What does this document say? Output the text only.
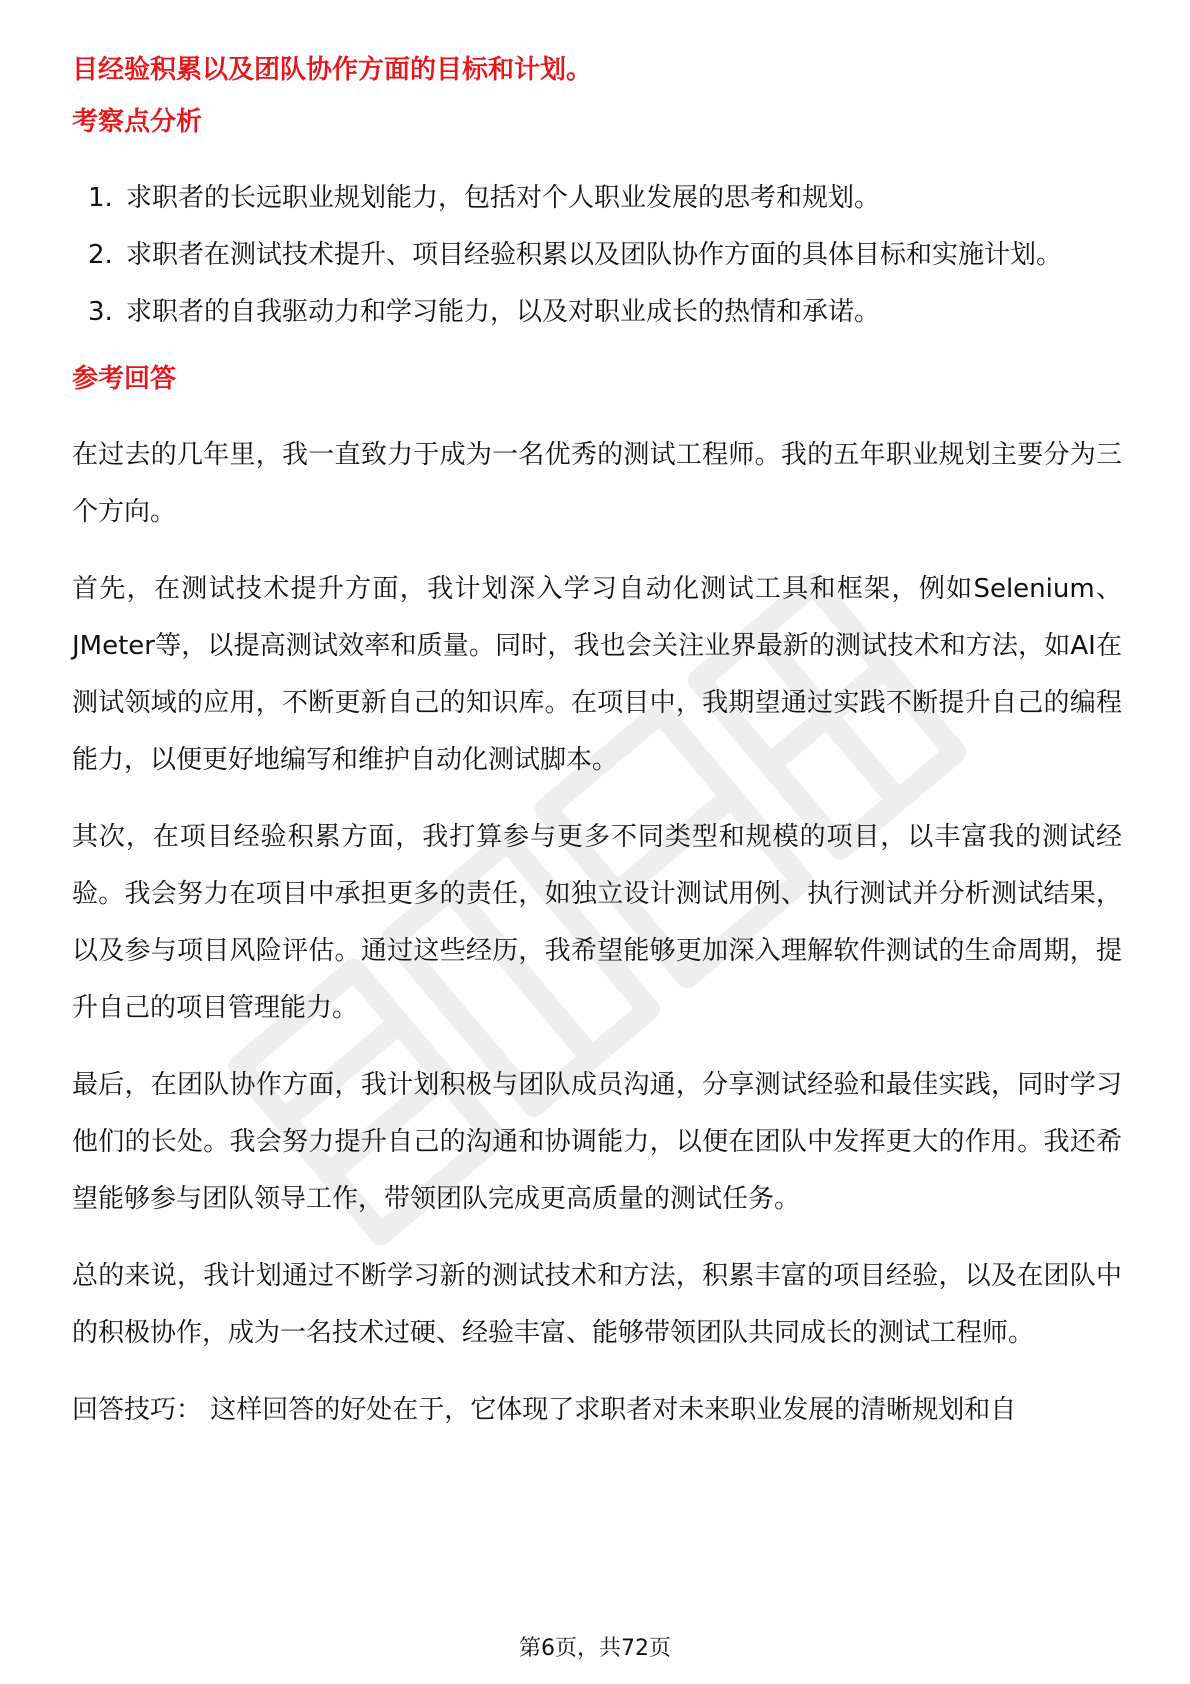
目经验积累以及团队协作方面的目标和计划。

考察点分析
1. 求职者的长远职业规划能力，包括对个人职业发展的思考和规划。
2. 求职者在测试技术提升、项目经验积累以及团队协作方面的具体目标和实施计划。
3. 求职者的自我驱动力和学习能力，以及对职业成长的热情和承诺。
参考回答

在过去的几年里，我一直致力于成为一名优秀的测试工程师。我的五年职业规划主要分为三个方向。

首先，在测试技术提升方面，我计划深入学习自动化测试工具和框架，例如Selenium、JMeter等，以提高测试效率和质量。同时，我也会关注业界最新的测试技术和方法，如AI在测试领域的应用，不断更新自己的知识库。在项目中，我期望通过实践不断提升自己的编程能力，以便更好地编写和维护自动化测试脚本。

其次，在项目经验积累方面，我打算参与更多不同类型和规模的项目，以丰富我的测试经验。我会努力在项目中承担更多的责任，如独立设计测试用例、执行测试并分析测试结果，以及参与项目风险评估。通过这些经历，我希望能够更加深入理解软件测试的生命周期，提升自己的项目管理能力。

最后，在团队协作方面，我计划积极与团队成员沟通，分享测试经验和最佳实践，同时学习他们的长处。我会努力提升自己的沟通和协调能力，以便在团队中发挥更大的作用。我还希望能够参与团队领导工作，带领团队完成更高质量的测试任务。

总的来说，我计划通过不断学习新的测试技术和方法，积累丰富的项目经验，以及在团队中的积极协作，成为一名技术过硬、经验丰富、能够带领团队共同成长的测试工程师。

回答技巧： 这样回答的好处在于，它体现了求职者对未来职业发展的清晰规划和自

第6页，共72页
